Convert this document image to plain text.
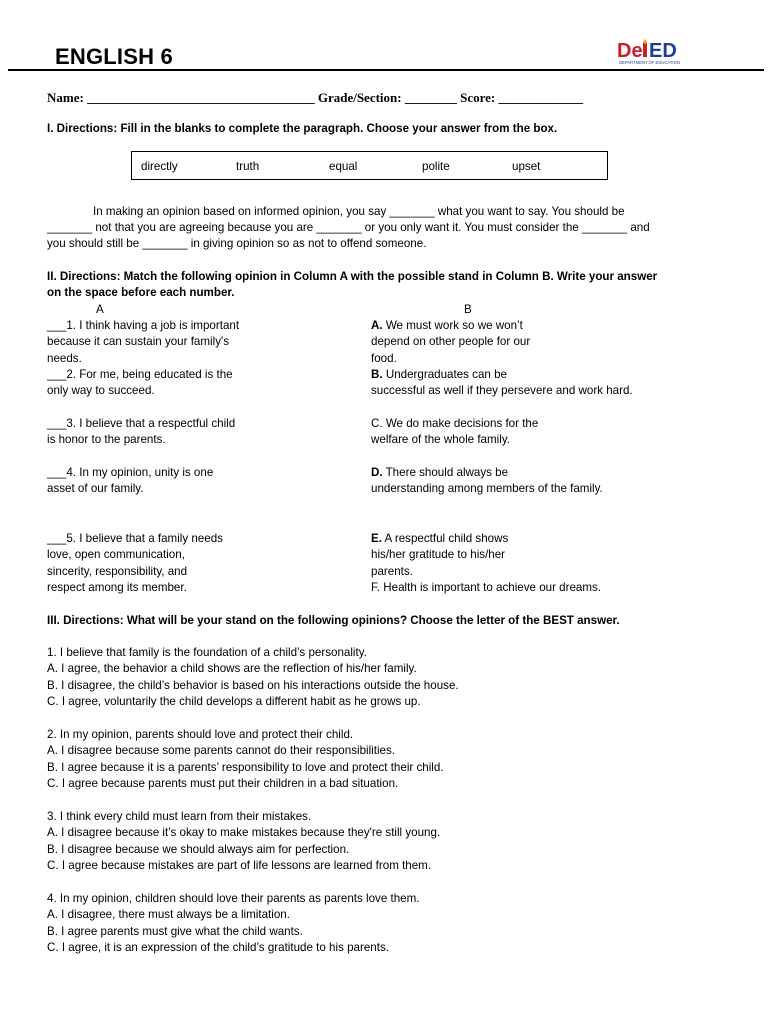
ENGLISH 6	De ED
DEPARTMENT OF EDUCATION
Name: ___________________________________ Grade/Section: ________ Score: _____________
I. Directions: Fill in the blanks to complete the paragraph. Choose your answer from the box.
directly	truth	equal	polite	upset
In making an opinion based on informed opinion, you say _______ what you want to say. You should be
_______ not that you are agreeing because you are _______ or you only want it. You must consider the _______ and
you should still be _______ in giving opinion so as not to offend someone.
II. Directions: Match the following opinion in Column A with the possible stand in Column B. Write your answer
on the space before each number.
A	B
___1. I think having a job is important
because it can sustain your family's
needs.
___2. For me, being educated is the
only way to succeed.
___3. I believe that a respectful child
is honor to the parents.
___4. In my opinion, unity is one
asset of our family.
___5. I believe that a family needs
love, open communication,
sincerity, responsibility, and
respect among its member.
A. We must work so we won’t
depend on other people for our
food.
B. Undergraduates can be
successful as well if they persevere and work hard.
C. We do make decisions for the
welfare of the whole family.
D. There should always be
understanding among members of the family.
E. A respectful child shows
his/her gratitude to his/her
parents.
F. Health is important to achieve our dreams.
III. Directions: What will be your stand on the following opinions? Choose the letter of the BEST answer.
1. I believe that family is the foundation of a child’s personality.
A. I agree, the behavior a child shows are the reflection of his/her family.
B. I disagree, the child’s behavior is based on his interactions outside the house.
C. I agree, voluntarily the child develops a different habit as he grows up.
2. In my opinion, parents should love and protect their child.
A. I disagree because some parents cannot do their responsibilities.
B. I agree because it is a parents’ responsibility to love and protect their child.
C. I agree because parents must put their children in a bad situation.
3. I think every child must learn from their mistakes.
A. I disagree because it’s okay to make mistakes because they're still young.
B. I disagree because we should always aim for perfection.
C. I agree because mistakes are part of life lessons are learned from them.
4. In my opinion, children should love their parents as parents love them.
A. I disagree, there must always be a limitation.
B. I agree parents must give what the child wants.
C. I agree, it is an expression of the child’s gratitude to his parents.
